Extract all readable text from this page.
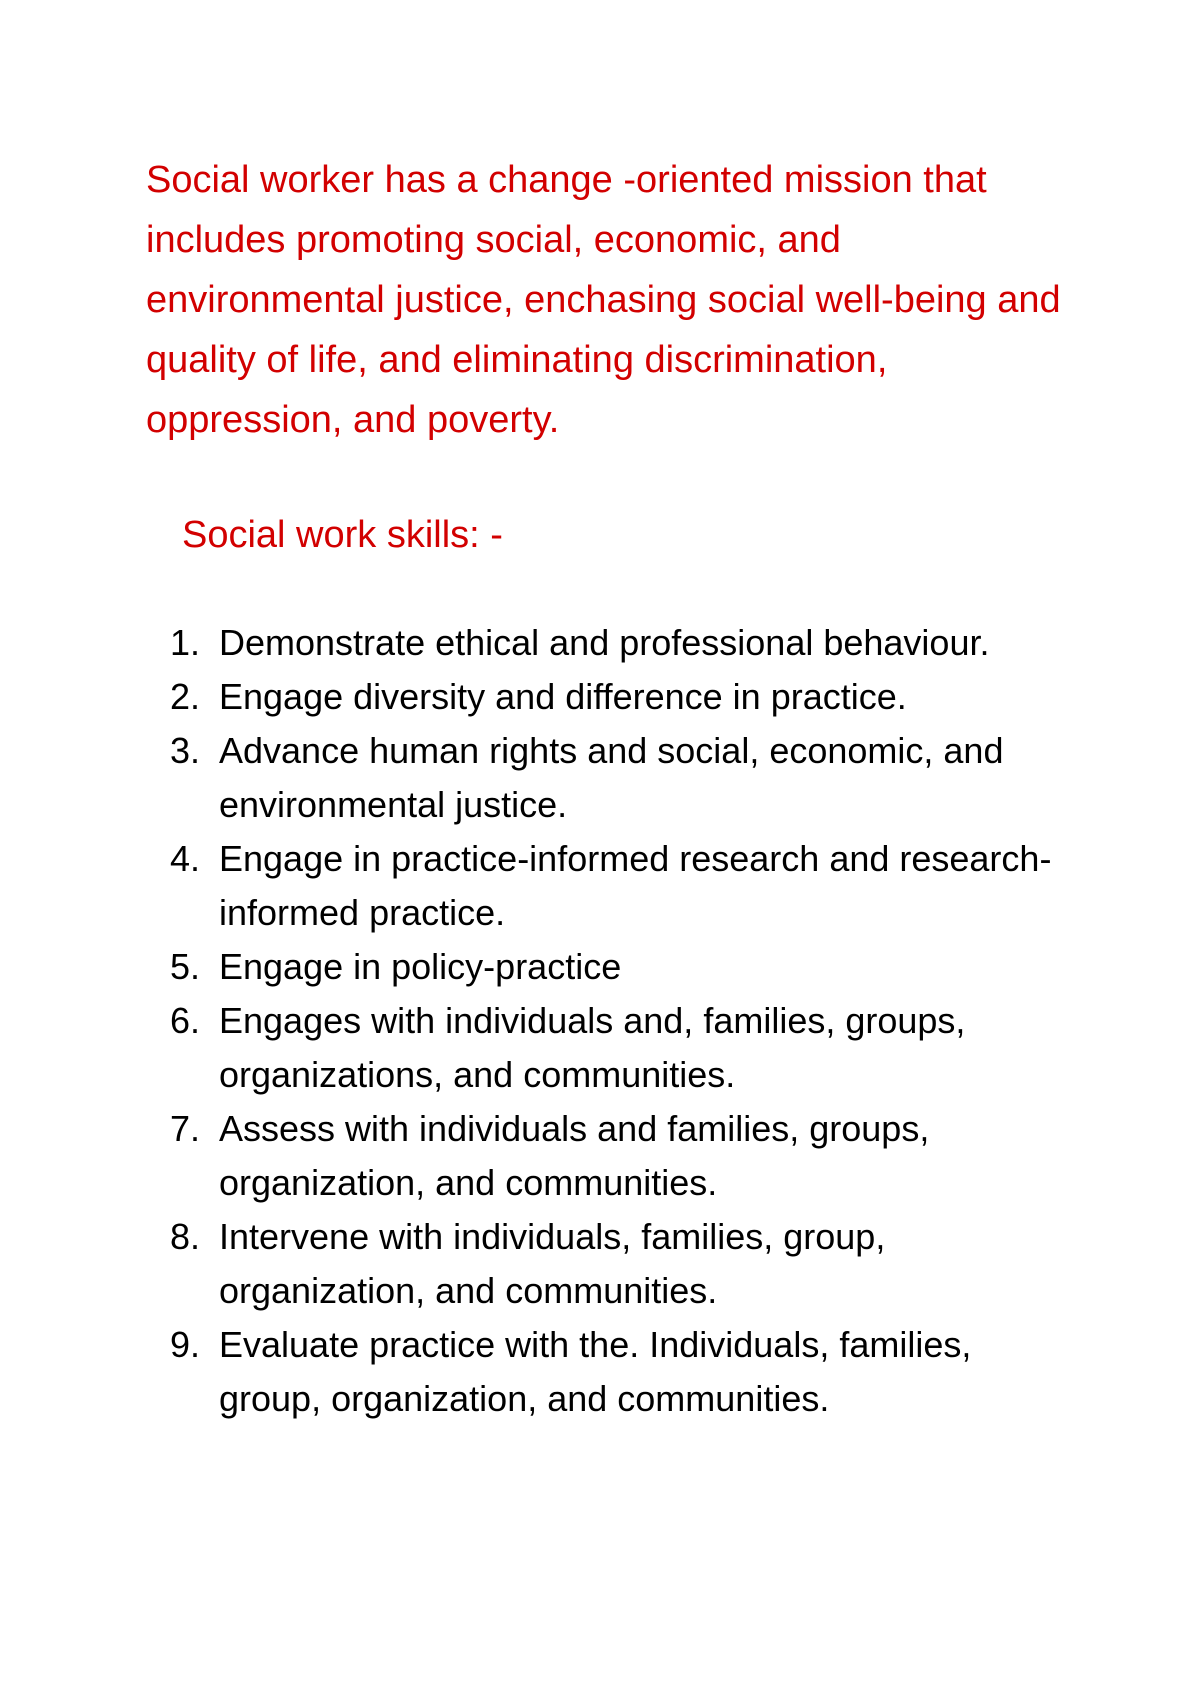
Social worker has a change -oriented mission that includes promoting social, economic, and environmental justice, enchasing social well-being and quality of life, and eliminating discrimination, oppression, and poverty.

Social work skills: -
1. Demonstrate ethical and professional behaviour.
2. Engage diversity and difference in practice.
3. Advance human rights and social, economic, and environmental justice.
4. Engage in practice-informed research and research-informed practice.
5. Engage in policy-practice
6. Engages with individuals and, families, groups, organizations, and communities.
7. Assess with individuals and families, groups, organization, and communities.
8. Intervene with individuals, families, group, organization, and communities.
9. Evaluate practice with the. Individuals, families, group, organization, and communities.
